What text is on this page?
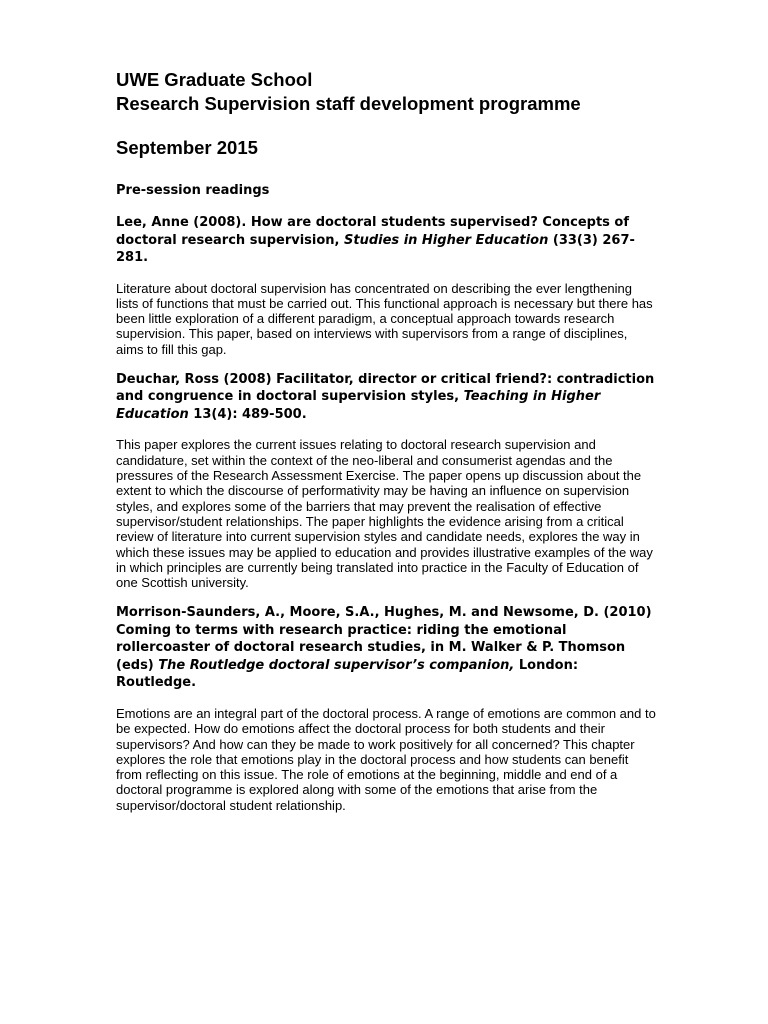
UWE Graduate School
Research Supervision staff development programme
September 2015
Pre-session readings
Lee, Anne (2008). How are doctoral students supervised? Concepts of doctoral research supervision, Studies in Higher Education (33(3) 267-281.
Literature about doctoral supervision has concentrated on describing the ever lengthening lists of functions that must be carried out. This functional approach is necessary but there has been little exploration of a different paradigm, a conceptual approach towards research supervision. This paper, based on interviews with supervisors from a range of disciplines, aims to fill this gap.
Deuchar, Ross (2008) Facilitator, director or critical friend?: contradiction and congruence in doctoral supervision styles, Teaching in Higher Education 13(4): 489-500.
This paper explores the current issues relating to doctoral research supervision and candidature, set within the context of the neo-liberal and consumerist agendas and the pressures of the Research Assessment Exercise. The paper opens up discussion about the extent to which the discourse of performativity may be having an influence on supervision styles, and explores some of the barriers that may prevent the realisation of effective supervisor/student relationships. The paper highlights the evidence arising from a critical review of literature into current supervision styles and candidate needs, explores the way in which these issues may be applied to education and provides illustrative examples of the way in which principles are currently being translated into practice in the Faculty of Education of one Scottish university.
Morrison-Saunders, A., Moore, S.A., Hughes, M. and Newsome, D. (2010) Coming to terms with research practice: riding the emotional rollercoaster of doctoral research studies, in M. Walker & P. Thomson (eds) The Routledge doctoral supervisor’s companion, London: Routledge.
Emotions are an integral part of the doctoral process. A range of emotions are common and to be expected. How do emotions affect the doctoral process for both students and their supervisors? And how can they be made to work positively for all concerned? This chapter explores the role that emotions play in the doctoral process and how students can benefit from reflecting on this issue. The role of emotions at the beginning, middle and end of a doctoral programme is explored along with some of the emotions that arise from the supervisor/doctoral student relationship.
